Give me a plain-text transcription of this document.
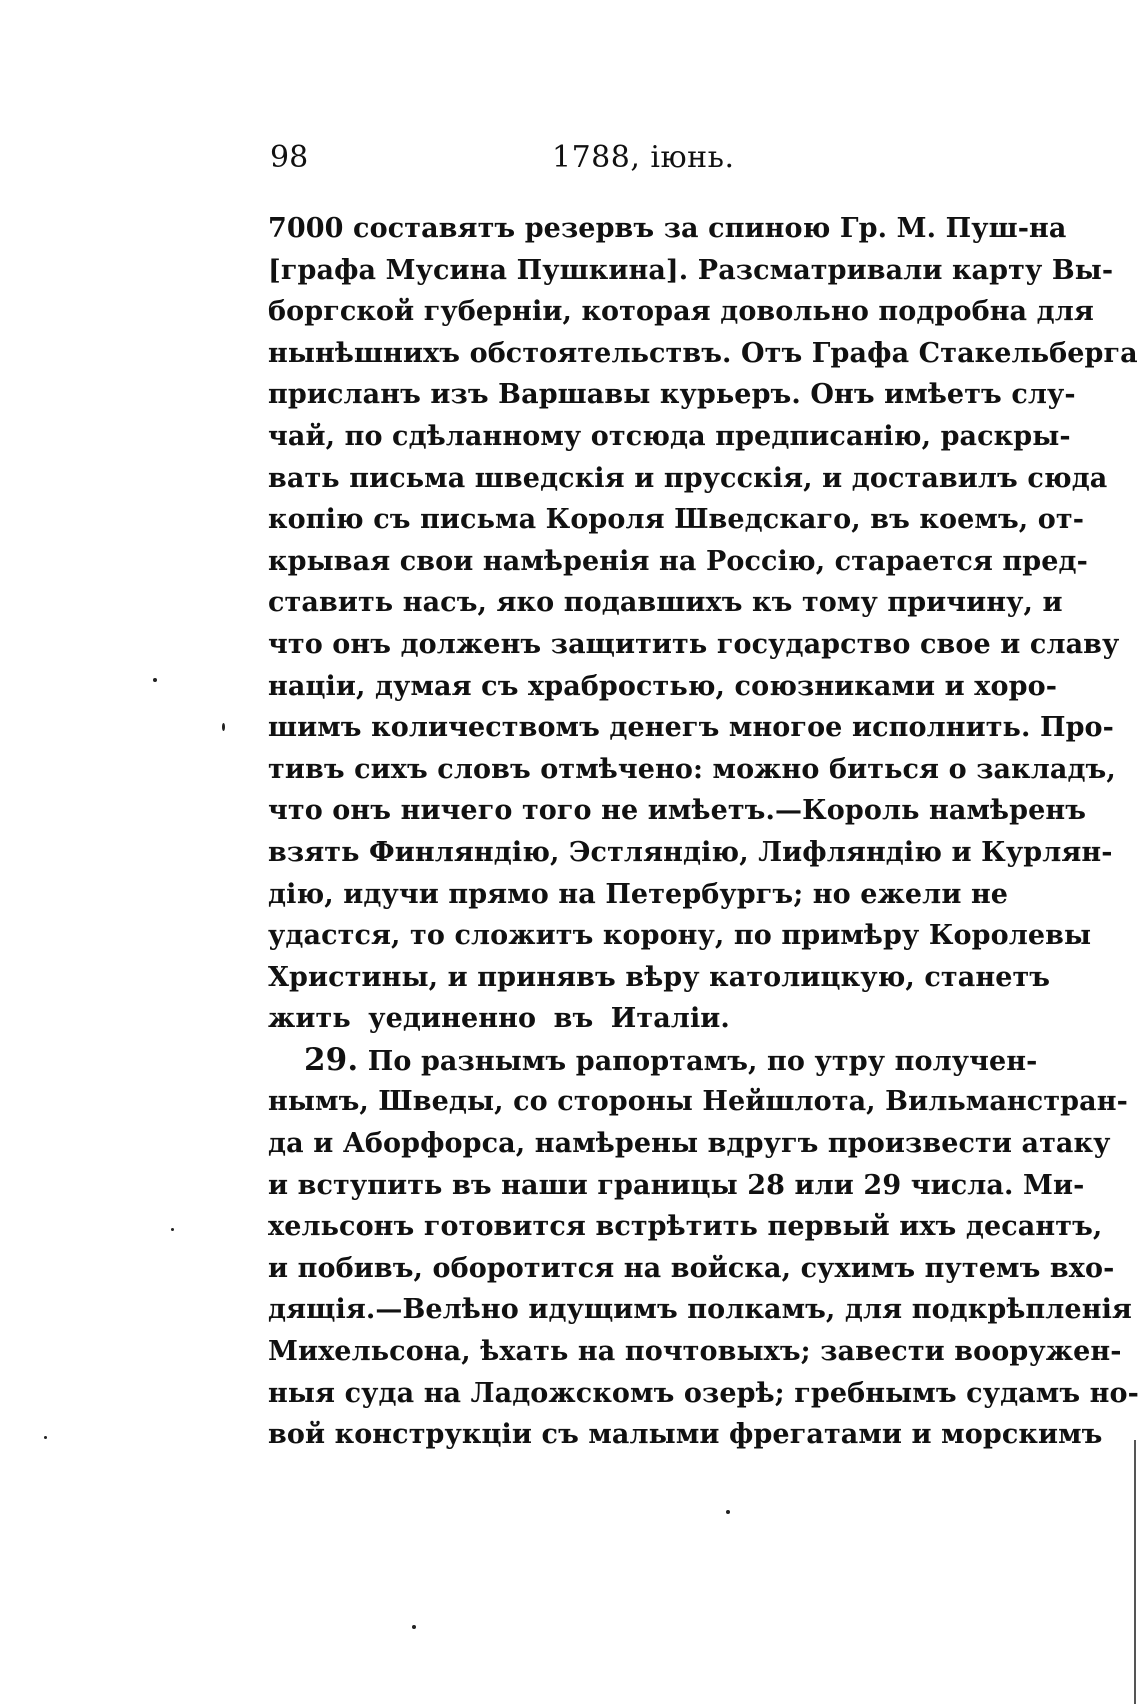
98	1788, іюнь.
7000 составятъ резервъ за спиною Гр. М. Пуш-на
[графа Мусина Пушкина]. Разсматривали карту Вы-
боргской губерніи, которая довольно подробна для
нынѣшнихъ обстоятельствъ. Отъ Графа Стакельберга
присланъ изъ Варшавы курьеръ. Онъ имѣетъ слу-
чай, по сдѣланному отсюда предписанію, раскры-
вать письма шведскія и прусскія, и доставилъ сюда
копію съ письма Короля Шведскаго, въ коемъ, от-
крывая свои намѣренія на Россію, старается пред-
ставить насъ, яко подавшихъ къ тому причину, и
что онъ долженъ защитить государство свое и славу
націи, думая съ храбростью, союзниками и хоро-
шимъ количествомъ денегъ многое исполнить. Про-
тивъ сихъ словъ отмѣчено: можно биться о закладъ,
что онъ ничего того не имѣетъ.—Король намѣренъ
взять Финляндію, Эстляндію, Лифляндію и Курлян-
дію, идучи прямо на Петербургъ; но ежели не
удастся, то сложитъ корону, по примѣру Королевы
Христины, и принявъ вѣру католицкую, станетъ
жить уединенно въ Италіи.
29. По разнымъ рапортамъ, по утру получен-
нымъ, Шведы, со стороны Нейшлота, Вильманстран-
да и Аборфорса, намѣрены вдругъ произвести атаку
и вступить въ наши границы 28 или 29 числа. Ми-
хельсонъ готовится встрѣтить первый ихъ десантъ,
и побивъ, оборотится на войска, сухимъ путемъ вхо-
дящія.—Велѣно идущимъ полкамъ, для подкрѣпленія
Михельсона, ѣхать на почтовыхъ; завести вооружен-
ныя суда на Ладожскомъ озерѣ; гребнымъ судамъ но-
вой конструкціи съ малыми фрегатами и морскимъ
